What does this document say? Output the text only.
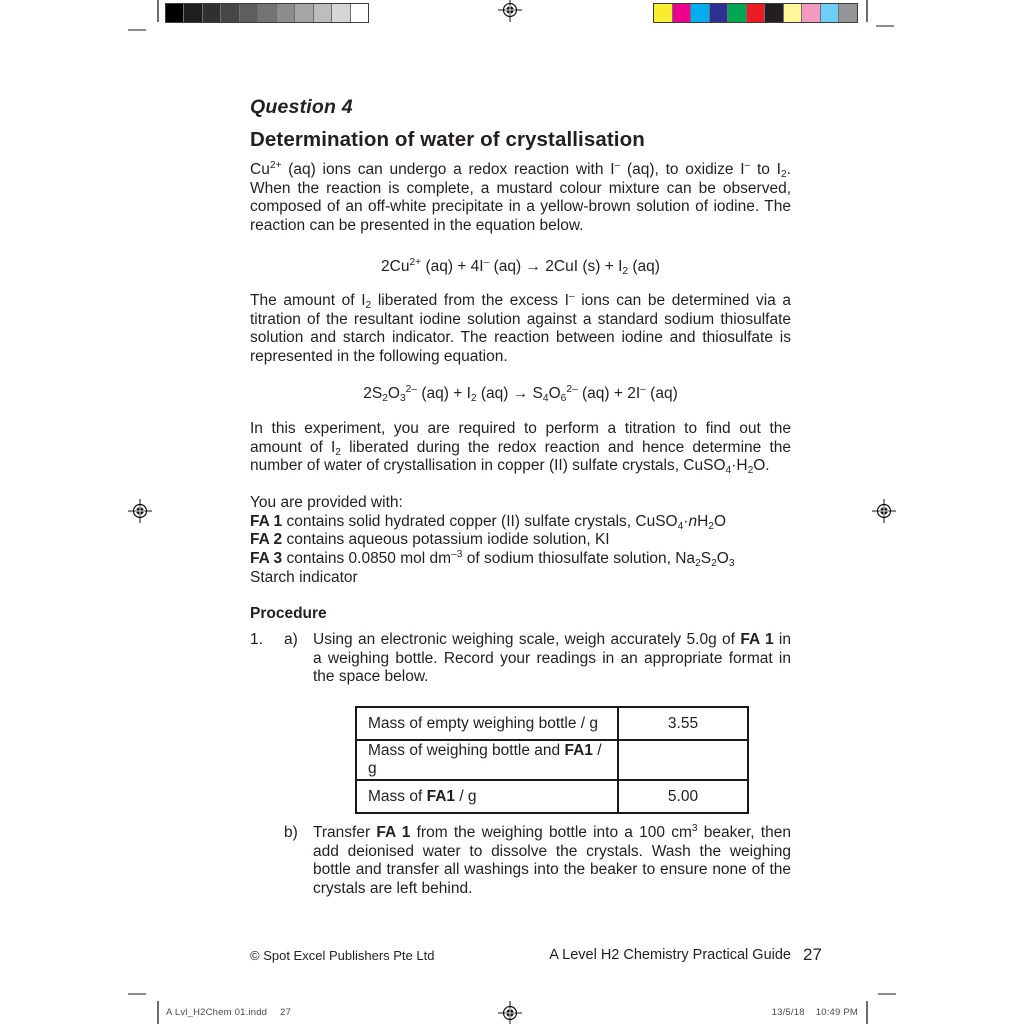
Question 4
Determination of water of crystallisation
$Cu^{2+}$ (aq) ions can undergo a redox reaction with I– (aq), to oxidize I– to $I_2$. When the reaction is complete, a mustard colour mixture can be observed, composed of an off-white precipitate in a yellow-brown solution of iodine. The reaction can be presented in the equation below.
$2Cu^{2+}$ (aq) + 4I– (aq) → 2CuI $(s) + I_2$ (aq)
The amount of $I_2$ liberated from the excess I– ions can be determined via a titration of the resultant iodine solution against a standard sodium thiosulfate solution and starch indicator. The reaction between iodine and thiosulfate is represented in the following equation.
$2S_2O_3^{2-}$ $(aq) + I_2$ $(aq) \to S_4O_6^{2-}$ (aq) + 2I– (aq)
In this experiment, you are required to perform a titration to find out the amount of $I_2$ liberated during the redox reaction and hence determine the number of water of crystallisation in copper (II) sulfate crystals, $CuSO_4\cdot H_2O$.

You are provided with:

FA 1 contains solid hydrated copper (II) sulfate crystals, $CuSO_4\cdot nH_2O$

FA 2 contains aqueous potassium iodide solution, KI

FA 3 contains 0.0850 mol $dm^{-3}$ of sodium thiosulfate solution, $Na_2S_2O_3$

Starch indicator

Procedure
1.	a) Using an electronic weighing scale, weigh accurately 5.0g of FA 1 in a weighing bottle. Record your readings in an appropriate format in the space below.
Mass of empty weighing bottle / g	3.55
Mass of weighing bottle and FA1 / g	
Mass of FA1 / g	5.00
b) Transfer FA 1 from the weighing bottle into a 100 $cm^3$ beaker, then add deionised water to dissolve the crystals. Wash the weighing bottle and transfer all washings into the beaker to ensure none of the crystals are left behind.
© Spot Excel Publishers Pte Ltd	A Level H2 Chemistry Practical Guide 27
A Lvl_H2Chem 01.indd 27	13/5/18 10:49 PM
